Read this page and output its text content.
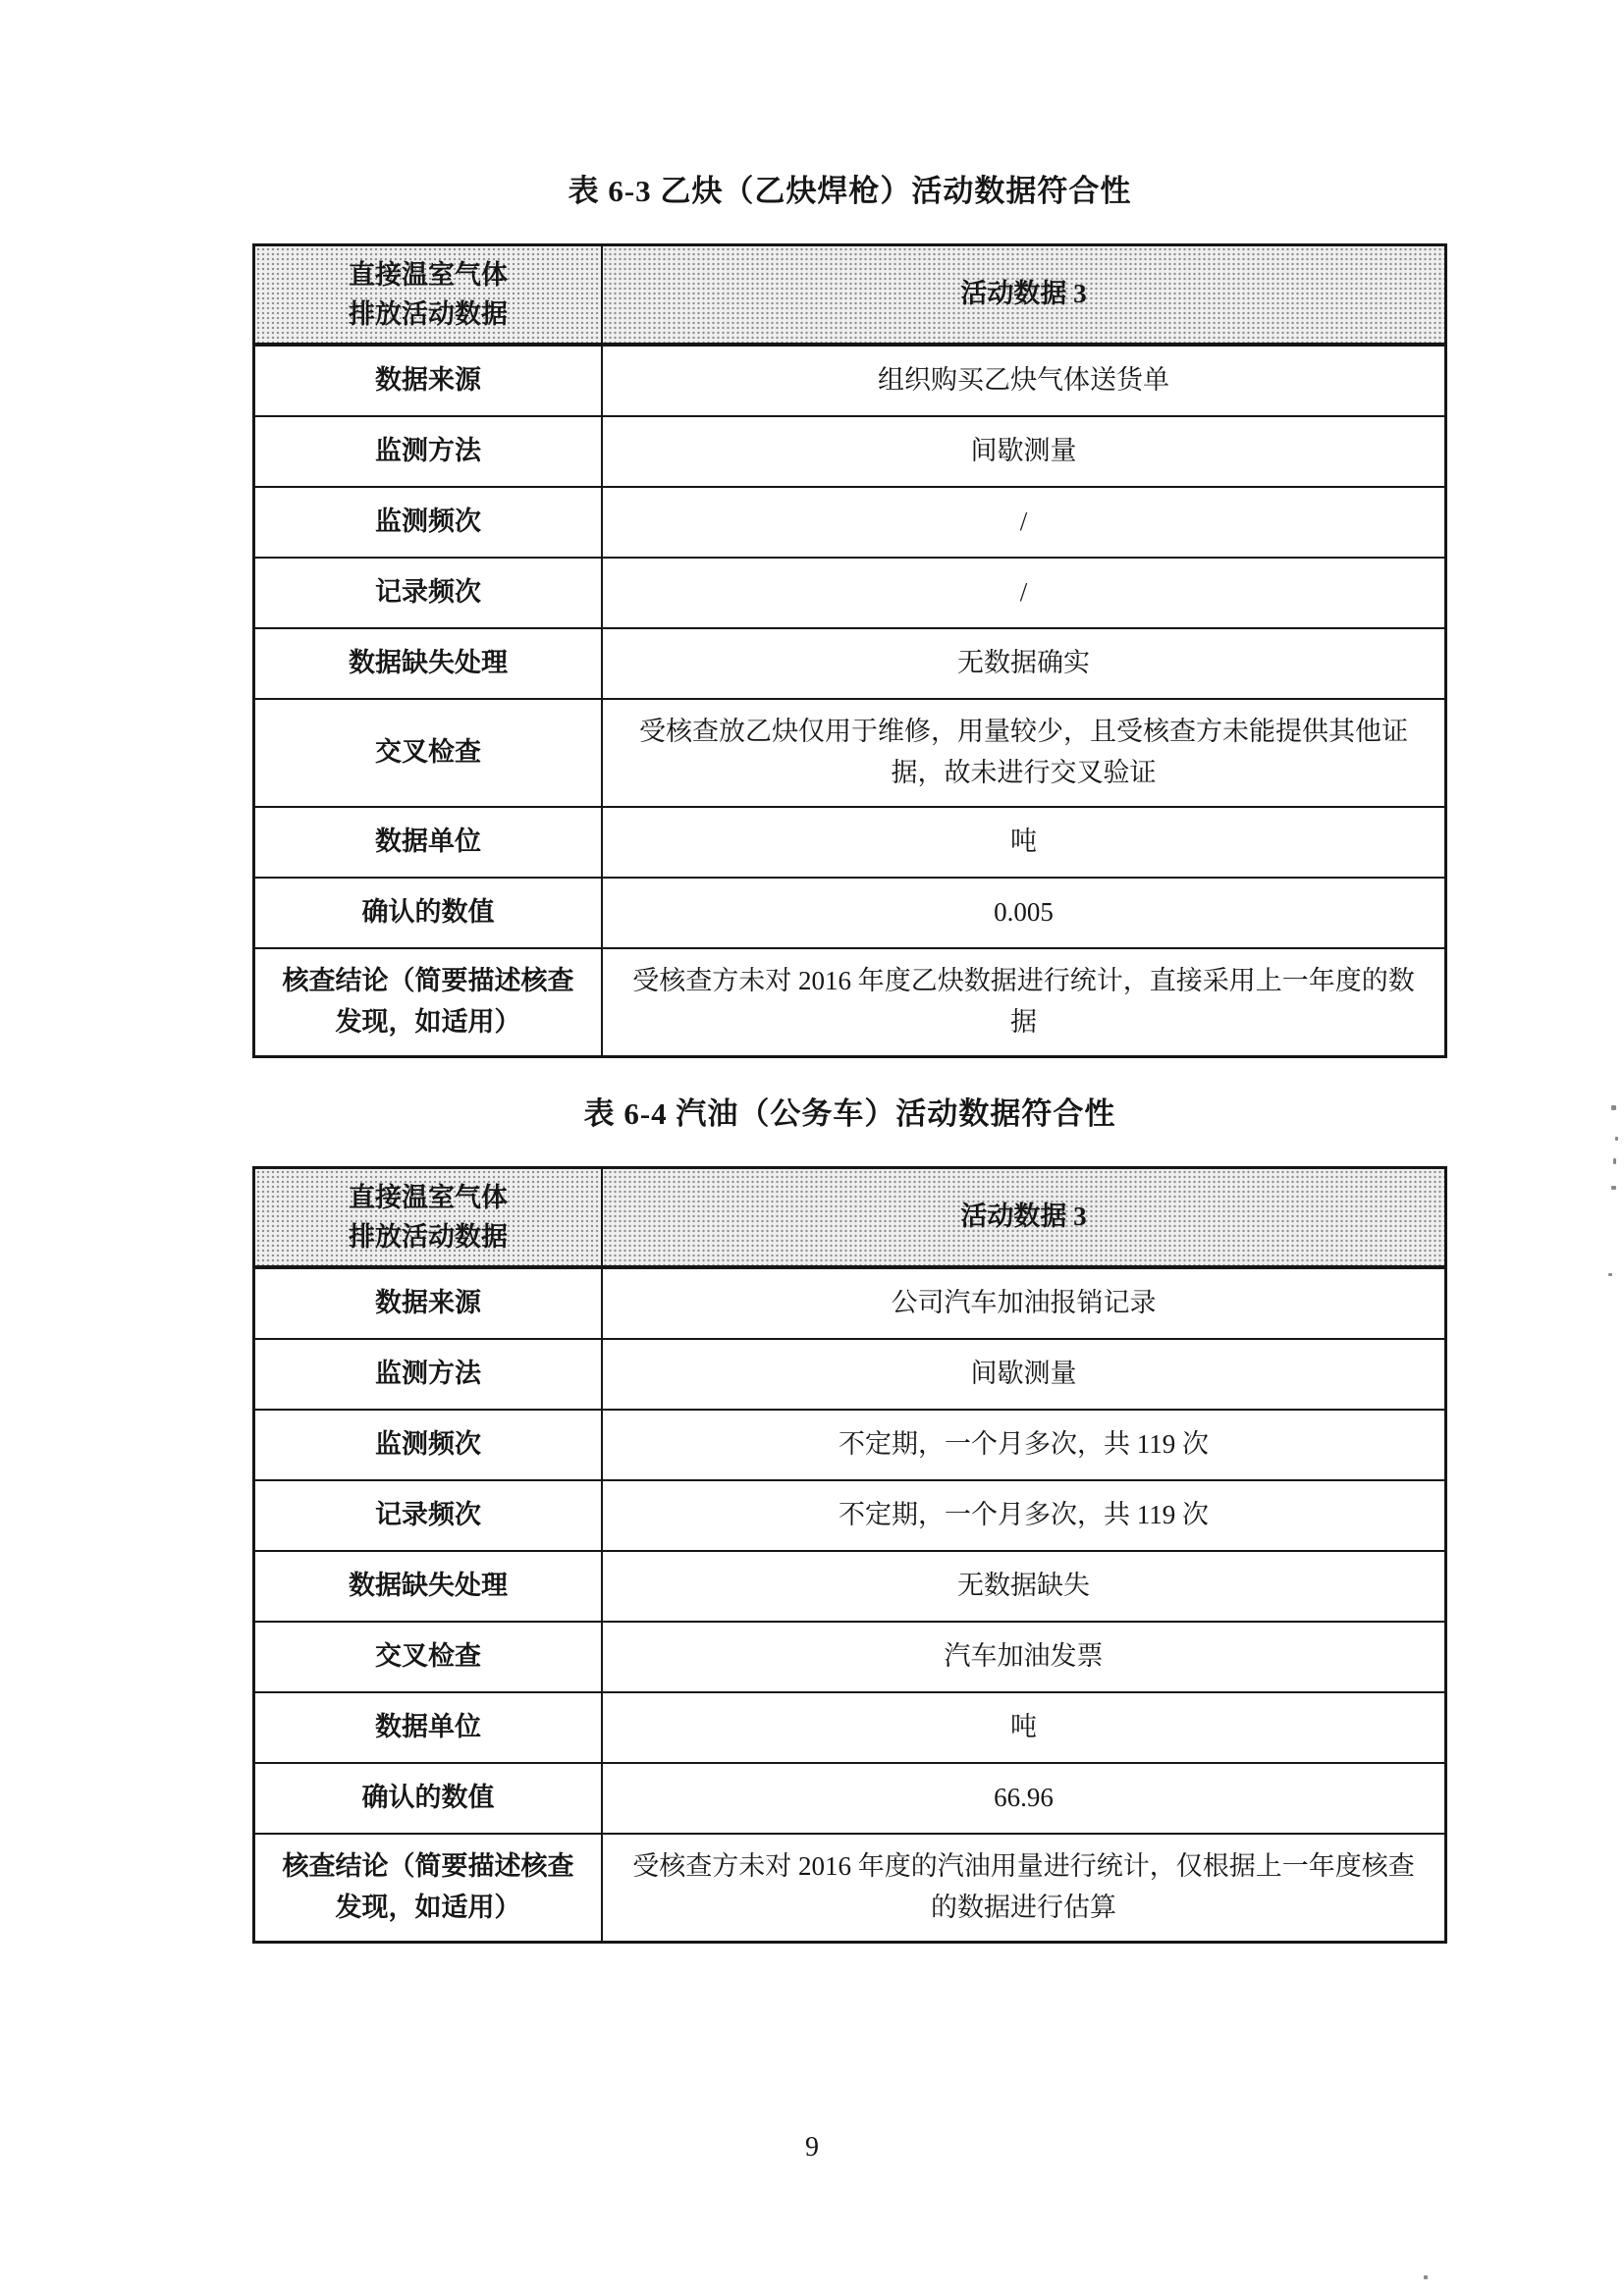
表 6-3 乙炔（乙炔焊枪）活动数据符合性
直接温室气体
排放活动数据	活动数据 3
数据来源	组织购买乙炔气体送货单
监测方法	间歇测量
监测频次	/
记录频次	/
数据缺失处理	无数据确实
交叉检查	受核查放乙炔仅用于维修，用量较少，且受核查方未能提供其他证据，故未进行交叉验证
数据单位	吨
确认的数值	0.005
核查结论（简要描述核查发现，如适用）	受核查方未对 2016 年度乙炔数据进行统计，直接采用上一年度的数据
表 6-4 汽油（公务车）活动数据符合性
直接温室气体
排放活动数据	活动数据 3
数据来源	公司汽车加油报销记录
监测方法	间歇测量
监测频次	不定期，一个月多次，共 119 次
记录频次	不定期，一个月多次，共 119 次
数据缺失处理	无数据缺失
交叉检查	汽车加油发票
数据单位	吨
确认的数值	66.96
核查结论（简要描述核查发现，如适用）	受核查方未对 2016 年度的汽油用量进行统计，仅根据上一年度核查的数据进行估算
9
